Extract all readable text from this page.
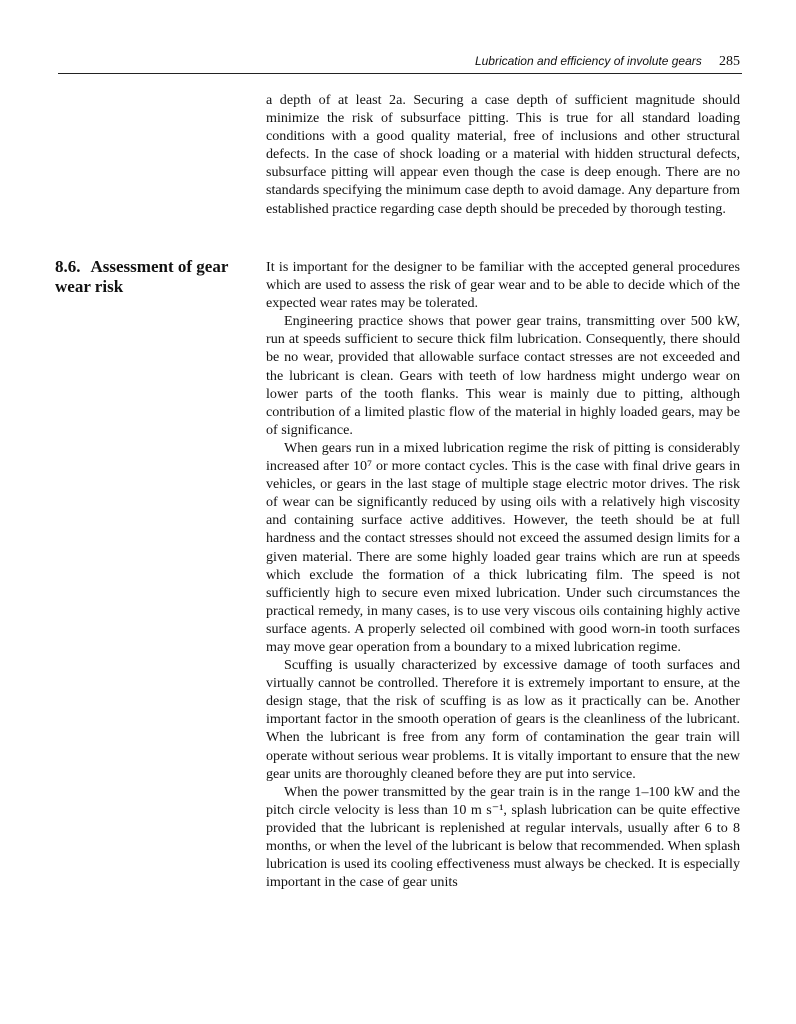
Lubrication and efficiency of involute gears 285

a depth of at least 2a. Securing a case depth of sufficient magnitude should minimize the risk of subsurface pitting. This is true for all standard loading conditions with a good quality material, free of inclusions and other structural defects. In the case of shock loading or a material with hidden structural defects, subsurface pitting will appear even though the case is deep enough. There are no standards specifying the minimum case depth to avoid damage. Any departure from established practice regarding case depth should be preceded by thorough testing.

8.6. Assessment of gear wear risk

It is important for the designer to be familiar with the accepted general procedures which are used to assess the risk of gear wear and to be able to decide which of the expected wear rates may be tolerated.

Engineering practice shows that power gear trains, transmitting over 500 kW, run at speeds sufficient to secure thick film lubrication. Consequently, there should be no wear, provided that allowable surface contact stresses are not exceeded and the lubricant is clean. Gears with teeth of low hardness might undergo wear on lower parts of the tooth flanks. This wear is mainly due to pitting, although contribution of a limited plastic flow of the material in highly loaded gears, may be of significance.

When gears run in a mixed lubrication regime the risk of pitting is considerably increased after 10⁷ or more contact cycles. This is the case with final drive gears in vehicles, or gears in the last stage of multiple stage electric motor drives. The risk of wear can be significantly reduced by using oils with a relatively high viscosity and containing surface active additives. However, the teeth should be at full hardness and the contact stresses should not exceed the assumed design limits for a given material. There are some highly loaded gear trains which are run at speeds which exclude the formation of a thick lubricating film. The speed is not sufficiently high to secure even mixed lubrication. Under such circumstances the practical remedy, in many cases, is to use very viscous oils containing highly active surface agents. A properly selected oil combined with good worn-in tooth surfaces may move gear operation from a boundary to a mixed lubrication regime.

Scuffing is usually characterized by excessive damage of tooth surfaces and virtually cannot be controlled. Therefore it is extremely important to ensure, at the design stage, that the risk of scuffing is as low as it practically can be. Another important factor in the smooth operation of gears is the cleanliness of the lubricant. When the lubricant is free from any form of contamination the gear train will operate without serious wear problems. It is vitally important to ensure that the new gear units are thoroughly cleaned before they are put into service.

When the power transmitted by the gear train is in the range 1–100 kW and the pitch circle velocity is less than 10 m s⁻¹, splash lubrication can be quite effective provided that the lubricant is replenished at regular intervals, usually after 6 to 8 months, or when the level of the lubricant is below that recommended. When splash lubrication is used its cooling effectiveness must always be checked. It is especially important in the case of gear units
